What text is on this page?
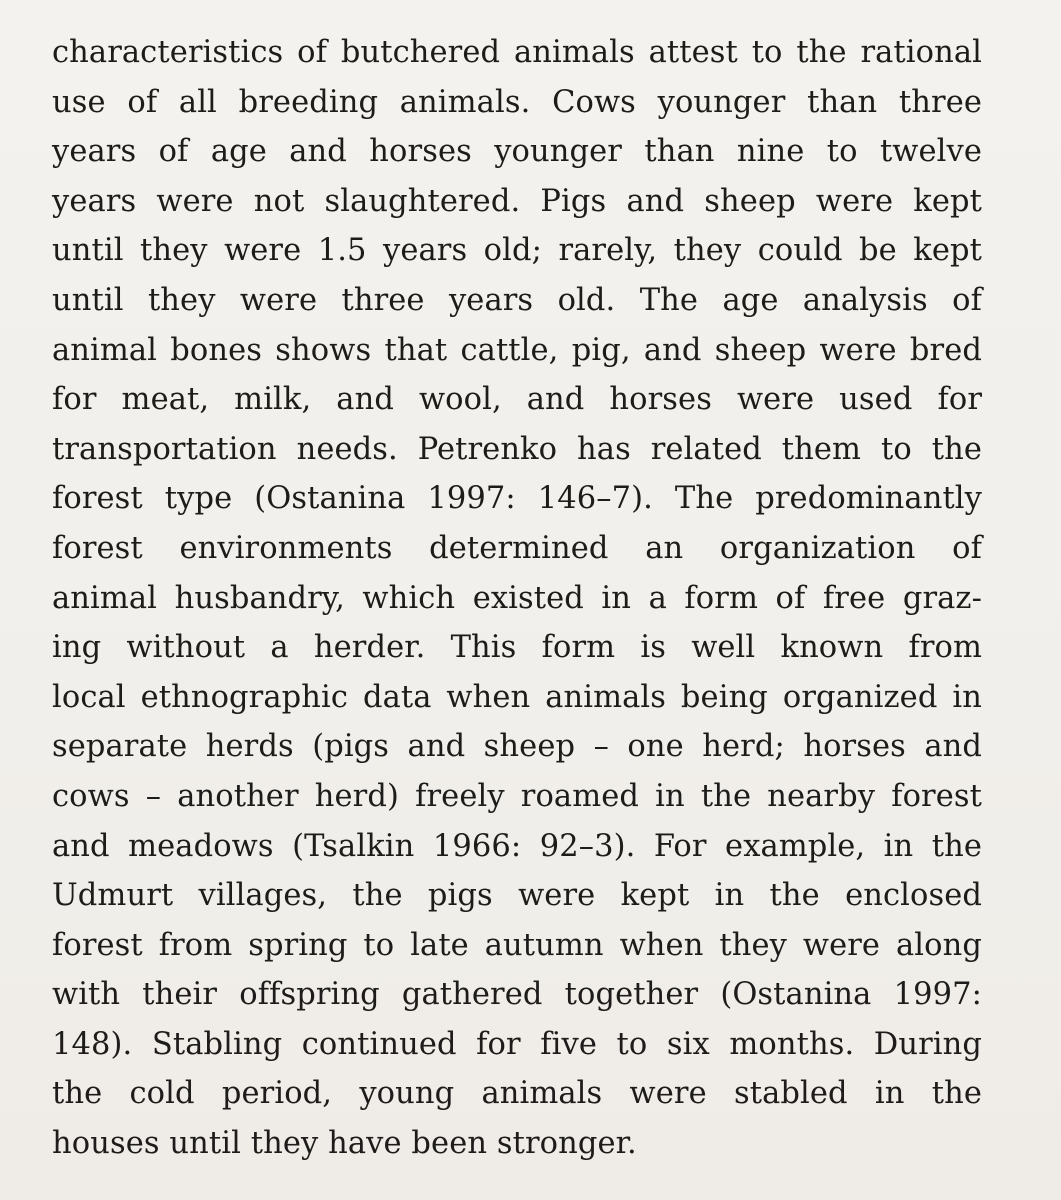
characteristics of butchered animals attest to the rational
use of all breeding animals. Cows younger than three
years of age and horses younger than nine to twelve
years were not slaughtered. Pigs and sheep were kept
until they were 1.5 years old; rarely, they could be kept
until they were three years old. The age analysis of
animal bones shows that cattle, pig, and sheep were bred
for meat, milk, and wool, and horses were used for
transportation needs. Petrenko has related them to the
forest type (Ostanina 1997: 146–7). The predominantly
forest environments determined an organization of
animal husbandry, which existed in a form of free graz-
ing without a herder. This form is well known from
local ethnographic data when animals being organized in
separate herds (pigs and sheep – one herd; horses and
cows – another herd) freely roamed in the nearby forest
and meadows (Tsalkin 1966: 92–3). For example, in the
Udmurt villages, the pigs were kept in the enclosed
forest from spring to late autumn when they were along
with their offspring gathered together (Ostanina 1997:
148). Stabling continued for five to six months. During
the cold period, young animals were stabled in the
houses until they have been stronger.
